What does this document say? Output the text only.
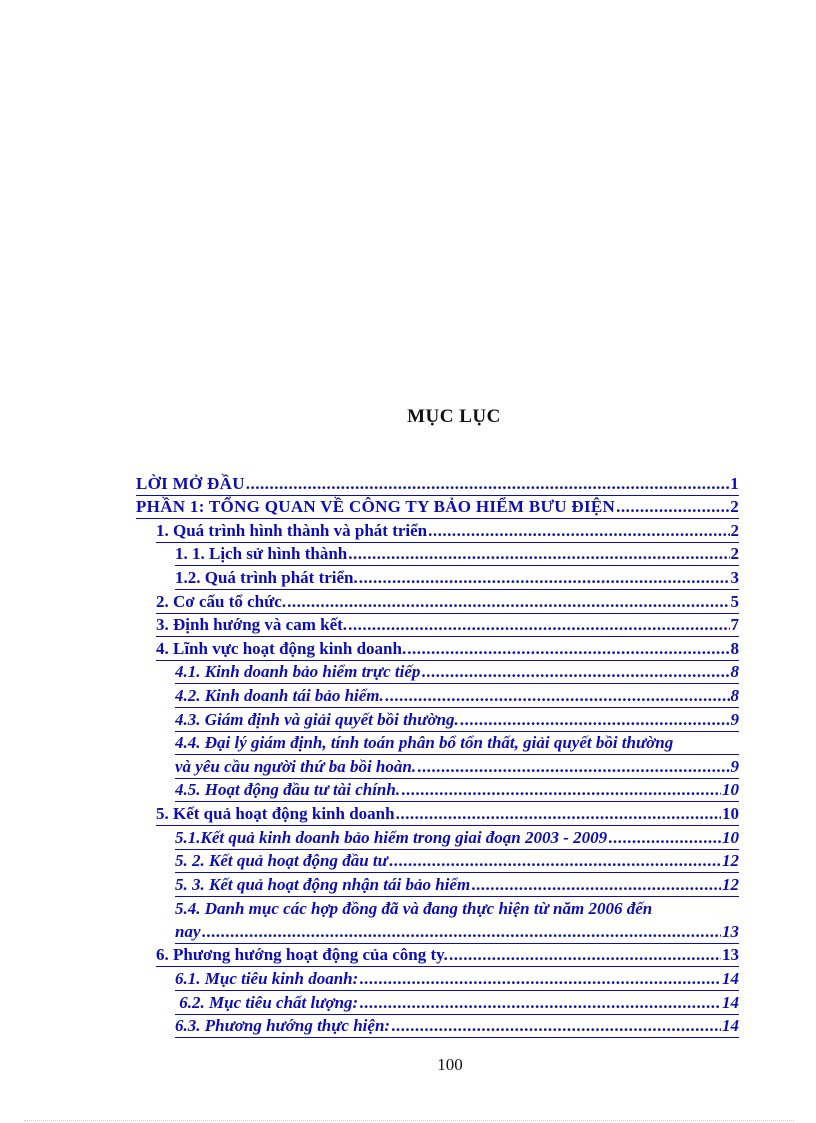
MỤC LỤC
LỜI MỞ ĐẦU .....	1
PHẦN 1: TỔNG QUAN VỀ CÔNG TY BẢO HIỂM BƯU ĐIỆN .....	2
1. Quá trình hình thành và phát triển .....	2
1. 1. Lịch sử hình thành .....	2
1.2. Quá trình phát triển. .....	3
2. Cơ cấu tổ chức. .....	5
3. Định hướng và cam kết. .....	7
4. Lĩnh vực hoạt động kinh doanh. .....	8
4.1. Kinh doanh bảo hiểm trực tiếp .....	8
4.2. Kinh doanh tái bảo hiểm. .....	8
4.3. Giám định và giải quyết bồi thường. .....	9
4.4. Đại lý giám định, tính toán phân bổ tổn thất, giải quyết bồi thường
và yêu cầu người thứ ba bồi hoàn. .....	9
4.5. Hoạt động đầu tư tài chính. .....	10
5. Kết quả hoạt động kinh doanh .....	10
5.1.Kết quả kinh doanh bảo hiểm trong giai đoạn 2003 - 2009 .....	10
5. 2. Kết quả hoạt động đầu tư .....	12
5. 3. Kết quả hoạt động nhận tái bảo hiểm .....	12
5.4. Danh mục các hợp đồng đã và đang thực hiện từ năm 2006 đến
nay .....	13
6. Phương hướng hoạt động của công ty. .....	13
6.1. Mục tiêu kinh doanh: .....	14
6.2. Mục tiêu chất lượng: .....	14
6.3. Phương hướng thực hiện: .....	14
100
